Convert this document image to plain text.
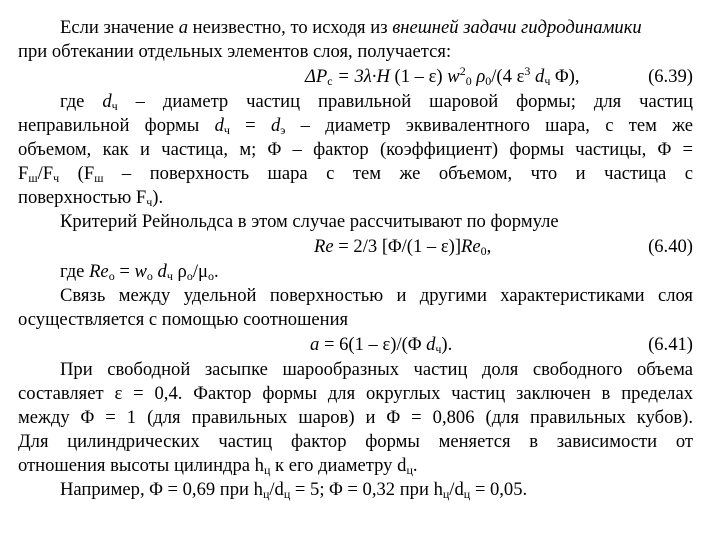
Если значение a неизвестно, то исходя из внешней задачи гидродинамики
при обтекании отдельных элементов слоя, получается:
$\Delta P_c = 3\lambda\cdot H$ (1 – ε) $w^2_0$ $\rho_0/(4$ $\varepsilon^3$ $d_ч$ Φ),	(6.39)
где $d_ч$ – диаметр частиц правильной шаровой формы; для частиц
неправильной формы $d_ч = d_э$ – диаметр эквивалентного шара, с тем же
объемом, как и частица, м; Φ – фактор (коэффициент) формы частицы, Φ =
$F_ш/F_ч$ ($F_ш$ – поверхность шара с тем же объемом, что и частица с
поверхностью $F_ч$).
Критерий Рейнольдса в этом случае рассчитывают по формуле
Re = 2/3 $[\Phi/(1 - \varepsilon)]Re_0$,	(6.40)
где $Re_o = w_o$ $d_ч$ $\rho_o/\mu_o$.
Связь между удельной поверхностью и другими характеристиками слоя
осуществляется с помощью соотношения
a = 6(1 – ε)/(Φ $d_ч$).	(6.41)
При свободной засыпке шарообразных частиц доля свободного объема
составляет ε = 0,4. Фактор формы для округлых частиц заключен в пределах
между Φ = 1 (для правильных шаров) и Φ = 0,806 (для правильных кубов).
Для цилиндрических частиц фактор формы меняется в зависимости от
отношения высоты цилиндра $h_ц$ к его диаметру $d_ц$.
Например, Φ = 0,69 при $h_ц/d_ц = 5$; Φ = 0,32 при $h_ц/d_ц = 0,05$.
